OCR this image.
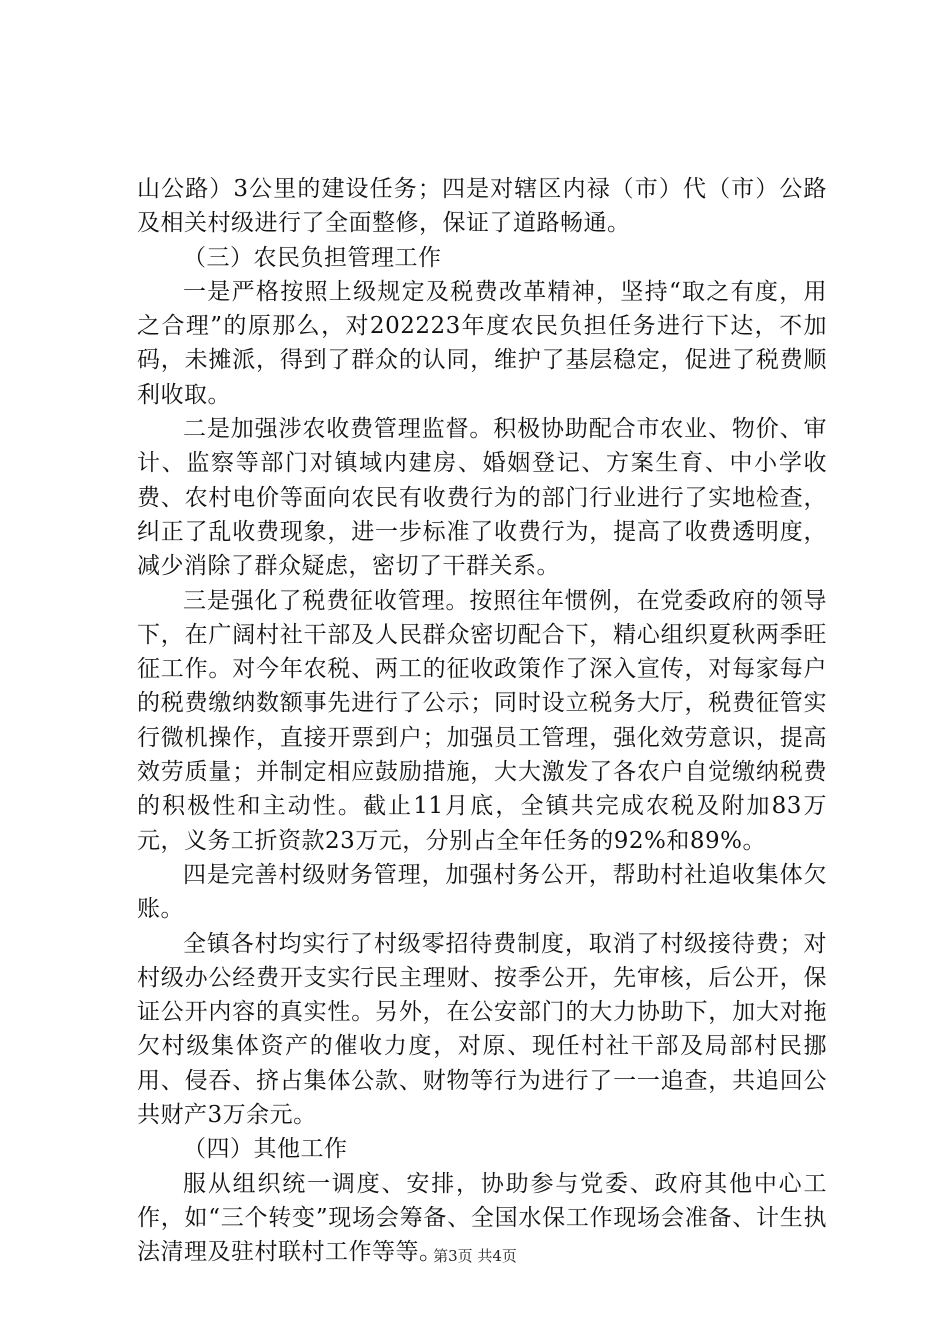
山公路）3公里的建设任务；四是对辖区内禄（市）代（市）公路及相关村级进行了全面整修，保证了道路畅通。

（三）农民负担管理工作

一是严格按照上级规定及税费改革精神，坚持“取之有度，用之合理”的原那么，对202223年度农民负担任务进行下达，不加码，未摊派，得到了群众的认同，维护了基层稳定，促进了税费顺利收取。

二是加强涉农收费管理监督。积极协助配合市农业、物价、审计、监察等部门对镇域内建房、婚姻登记、方案生育、中小学收费、农村电价等面向农民有收费行为的部门行业进行了实地检查，纠正了乱收费现象，进一步标准了收费行为，提高了收费透明度，减少消除了群众疑虑，密切了干群关系。

三是强化了税费征收管理。按照往年惯例，在党委政府的领导下，在广阔村社干部及人民群众密切配合下，精心组织夏秋两季旺征工作。对今年农税、两工的征收政策作了深入宣传，对每家每户的税费缴纳数额事先进行了公示；同时设立税务大厅，税费征管实行微机操作，直接开票到户；加强员工管理，强化效劳意识，提高效劳质量；并制定相应鼓励措施，大大激发了各农户自觉缴纳税费的积极性和主动性。截止11月底，全镇共完成农税及附加83万元，义务工折资款23万元，分别占全年任务的92%和89%。

四是完善村级财务管理，加强村务公开，帮助村社追收集体欠账。

全镇各村均实行了村级零招待费制度，取消了村级接待费；对村级办公经费开支实行民主理财、按季公开，先审核，后公开，保证公开内容的真实性。另外，在公安部门的大力协助下，加大对拖欠村级集体资产的催收力度，对原、现任村社干部及局部村民挪用、侵吞、挤占集体公款、财物等行为进行了一一追查，共追回公共财产3万余元。

（四）其他工作

服从组织统一调度、安排，协助参与党委、政府其他中心工作，如“三个转变”现场会筹备、全国水保工作现场会准备、计生执法清理及驻村联村工作等等。

第3页 共4页
